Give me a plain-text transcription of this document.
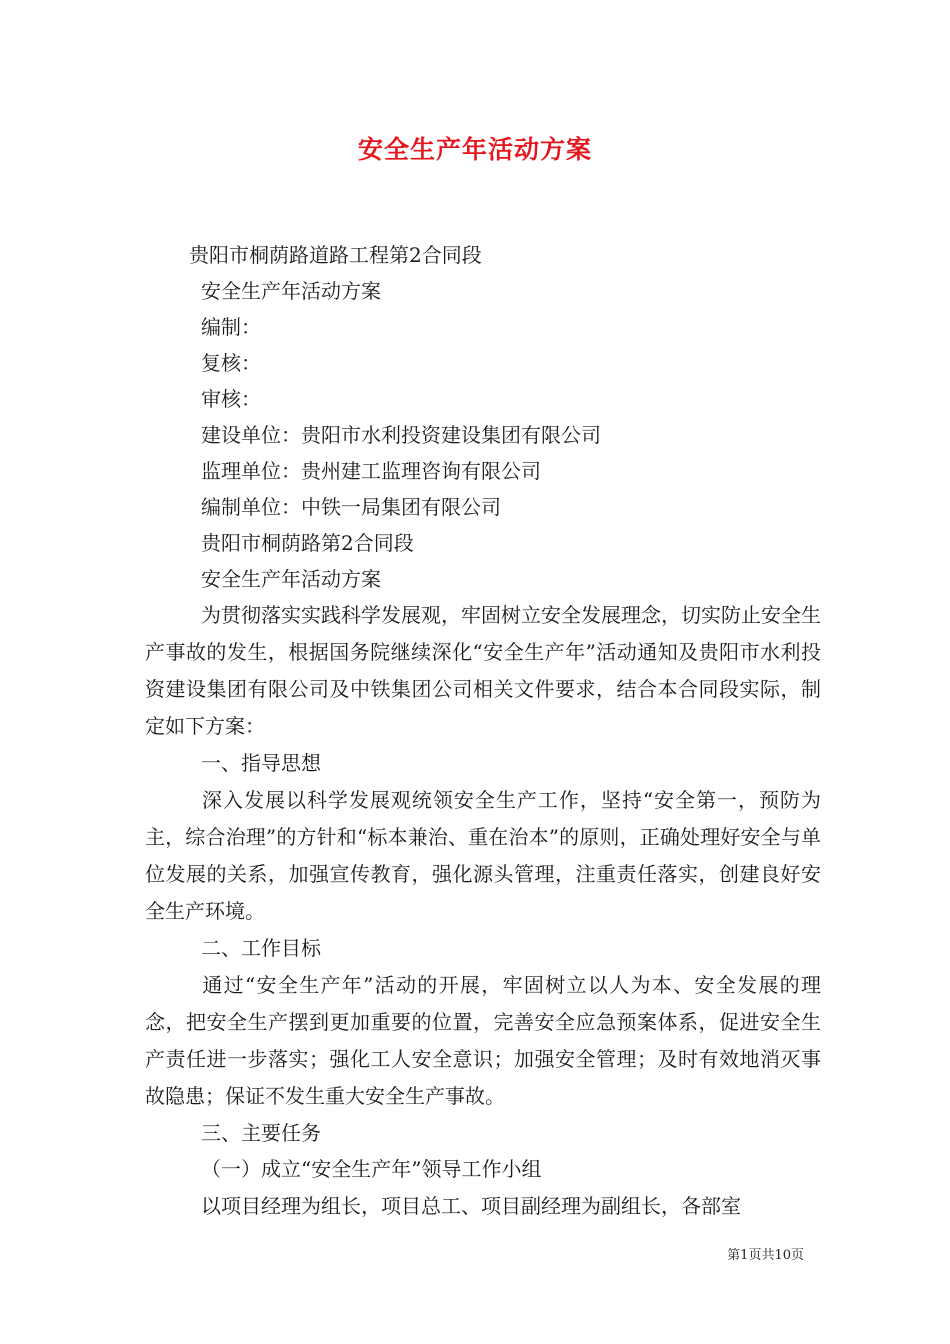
安全生产年活动方案

贵阳市桐荫路道路工程第2合同段

安全生产年活动方案

编制：

复核：

审核：

建设单位：贵阳市水利投资建设集团有限公司

监理单位：贵州建工监理咨询有限公司

编制单位：中铁一局集团有限公司

贵阳市桐荫路第2合同段

安全生产年活动方案

为贯彻落实实践科学发展观，牢固树立安全发展理念，切实防止安全生产事故的发生，根据国务院继续深化“安全生产年”活动通知及贵阳市水利投资建设集团有限公司及中铁集团公司相关文件要求，结合本合同段实际，制定如下方案：

一、指导思想

深入发展以科学发展观统领安全生产工作，坚持“安全第一，预防为主，综合治理”的方针和“标本兼治、重在治本”的原则，正确处理好安全与单位发展的关系，加强宣传教育，强化源头管理，注重责任落实，创建良好安全生产环境。

二、工作目标

通过“安全生产年”活动的开展，牢固树立以人为本、安全发展的理念，把安全生产摆到更加重要的位置，完善安全应急预案体系，促进安全生产责任进一步落实；强化工人安全意识；加强安全管理；及时有效地消灭事故隐患；保证不发生重大安全生产事故。

三、主要任务

（一）成立“安全生产年”领导工作小组

以项目经理为组长，项目总工、项目副经理为副组长，各部室

第1页共10页
